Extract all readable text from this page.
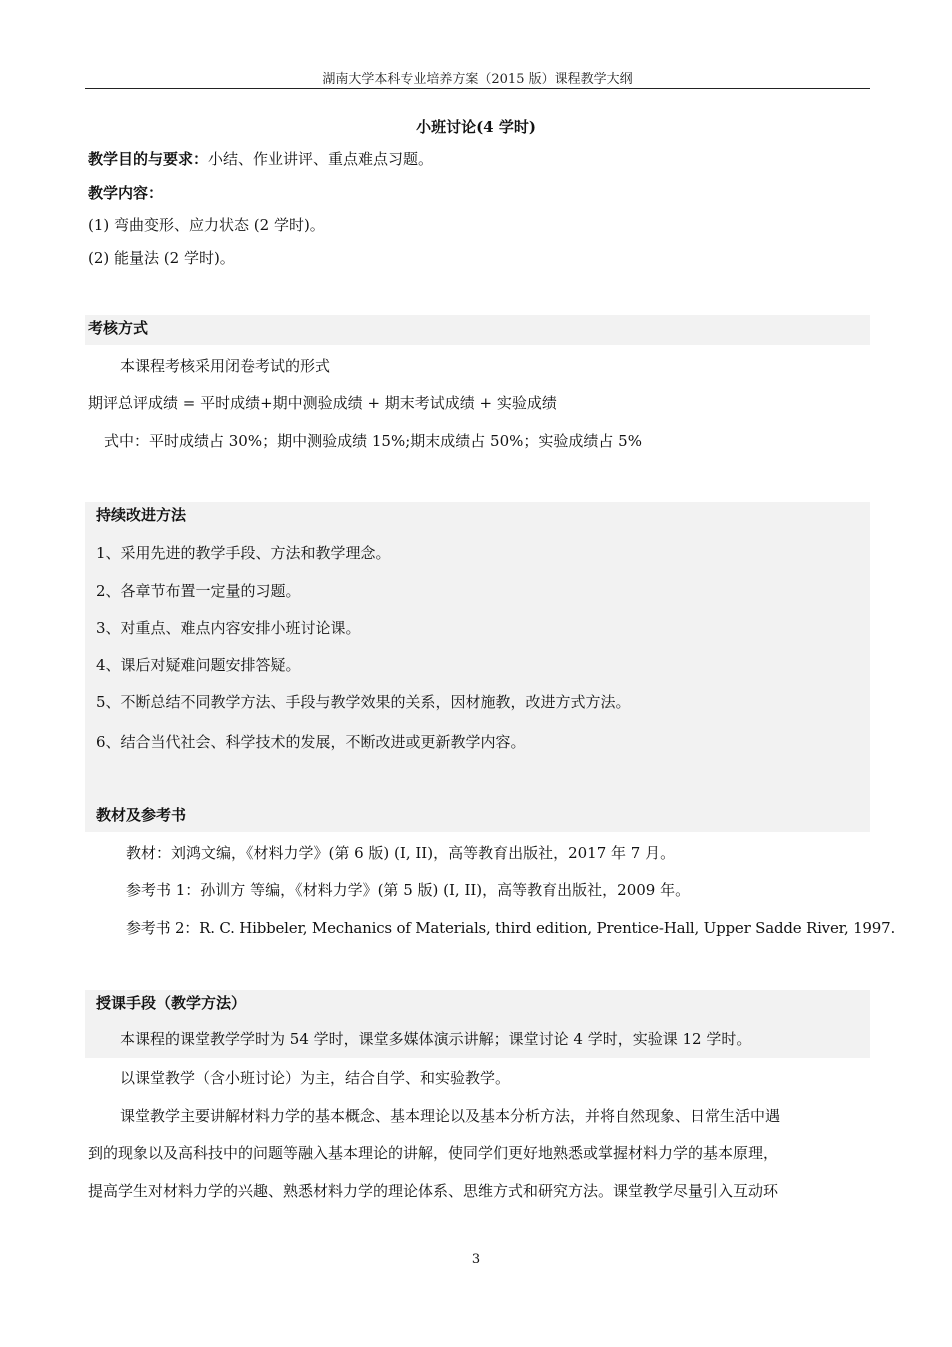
湖南大学本科专业培养方案（2015 版）课程教学大纲
小班讨论(4 学时)
教学目的与要求：小结、作业讲评、重点难点习题。
教学内容：
(1) 弯曲变形、应力状态 (2 学时)。
(2) 能量法 (2 学时)。
考核方式
本课程考核采用闭卷考试的形式
期评总评成绩 = 平时成绩+期中测验成绩 + 期末考试成绩 + 实验成绩
式中：平时成绩占 30%；期中测验成绩 15%;期末成绩占 50%；实验成绩占 5%
持续改进方法
1、采用先进的教学手段、方法和教学理念。
2、各章节布置一定量的习题。
3、对重点、难点内容安排小班讨论课。
4、课后对疑难问题安排答疑。
5、不断总结不同教学方法、手段与教学效果的关系，因材施教，改进方式方法。
6、结合当代社会、科学技术的发展，不断改进或更新教学内容。
教材及参考书
教材：刘鸿文编，《材料力学》(第 6 版) (I, II)，高等教育出版社，2017 年 7 月。
参考书 1：孙训方 等编，《材料力学》(第 5 版) (I, II)，高等教育出版社，2009 年。
参考书 2：R. C. Hibbeler, Mechanics of Materials, third edition, Prentice-Hall, Upper Sadde River, 1997.
授课手段（教学方法）
本课程的课堂教学学时为 54 学时，课堂多媒体演示讲解；课堂讨论 4 学时，实验课 12 学时。
以课堂教学（含小班讨论）为主，结合自学、和实验教学。
课堂教学主要讲解材料力学的基本概念、基本理论以及基本分析方法，并将自然现象、日常生活中遇
到的现象以及高科技中的问题等融入基本理论的讲解，使同学们更好地熟悉或掌握材料力学的基本原理，
提高学生对材料力学的兴趣、熟悉材料力学的理论体系、思维方式和研究方法。课堂教学尽量引入互动环
3
